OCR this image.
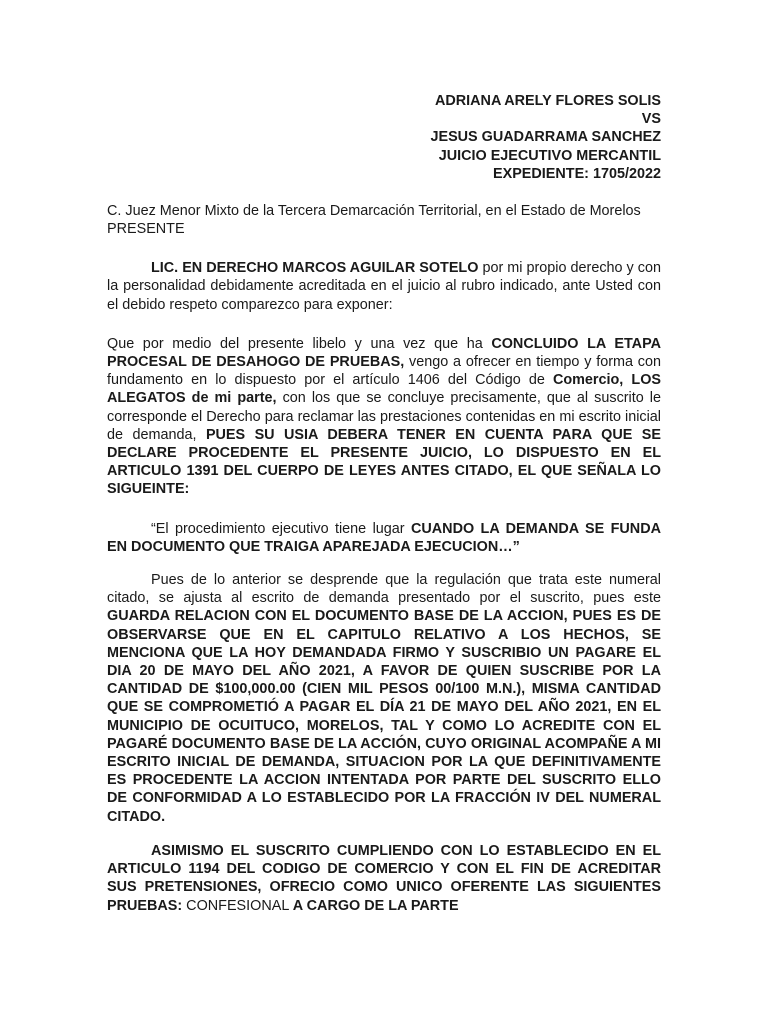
ADRIANA ARELY FLORES SOLIS
VS
JESUS GUADARRAMA SANCHEZ
JUICIO EJECUTIVO MERCANTIL
EXPEDIENTE: 1705/2022
C. Juez Menor Mixto de la Tercera Demarcación Territorial, en el Estado de Morelos
PRESENTE
LIC. EN DERECHO MARCOS AGUILAR SOTELO por mi propio derecho y con la personalidad debidamente acreditada en el juicio al rubro indicado, ante Usted con el debido respeto comparezco para exponer:
Que por medio del presente libelo y una vez que ha CONCLUIDO LA ETAPA PROCESAL DE DESAHOGO DE PRUEBAS, vengo a ofrecer en tiempo y forma con fundamento en lo dispuesto por el artículo 1406 del Código de Comercio, LOS ALEGATOS de mi parte, con los que se concluye precisamente, que al suscrito le corresponde el Derecho para reclamar las prestaciones contenidas en mi escrito inicial de demanda, PUES SU USIA DEBERA TENER EN CUENTA PARA QUE SE DECLARE PROCEDENTE EL PRESENTE JUICIO, LO DISPUESTO EN EL ARTICULO 1391 DEL CUERPO DE LEYES ANTES CITADO, EL QUE SEÑALA LO SIGUEINTE:
“El procedimiento ejecutivo tiene lugar CUANDO LA DEMANDA SE FUNDA EN DOCUMENTO QUE TRAIGA APAREJADA EJECUCION…”
Pues de lo anterior se desprende que la regulación que trata este numeral citado, se ajusta al escrito de demanda presentado por el suscrito, pues este GUARDA RELACION CON EL DOCUMENTO BASE DE LA ACCION, PUES ES DE OBSERVARSE QUE EN EL CAPITULO RELATIVO A LOS HECHOS, SE MENCIONA QUE LA HOY DEMANDADA FIRMO Y SUSCRIBIO UN PAGARE EL DIA 20 DE MAYO DEL AÑO 2021, A FAVOR DE QUIEN SUSCRIBE POR LA CANTIDAD DE $100,000.00 (CIEN MIL PESOS 00/100 M.N.), MISMA CANTIDAD QUE SE COMPROMETIÓ A PAGAR EL DÍA 21 DE MAYO DEL AÑO 2021, EN EL MUNICIPIO DE OCUITUCO, MORELOS, TAL Y COMO LO ACREDITE CON EL PAGARÉ DOCUMENTO BASE DE LA ACCIÓN, CUYO ORIGINAL ACOMPAÑE A MI ESCRITO INICIAL DE DEMANDA, SITUACION POR LA QUE DEFINITIVAMENTE ES PROCEDENTE LA ACCION INTENTADA POR PARTE DEL SUSCRITO ELLO DE CONFORMIDAD A LO ESTABLECIDO POR LA FRACCIÓN IV DEL NUMERAL CITADO.
ASIMISMO EL SUSCRITO CUMPLIENDO CON LO ESTABLECIDO EN EL ARTICULO 1194 DEL CODIGO DE COMERCIO Y CON EL FIN DE ACREDITAR SUS PRETENSIONES, OFRECIO COMO UNICO OFERENTE LAS SIGUIENTES PRUEBAS: CONFESIONAL A CARGO DE LA PARTE
